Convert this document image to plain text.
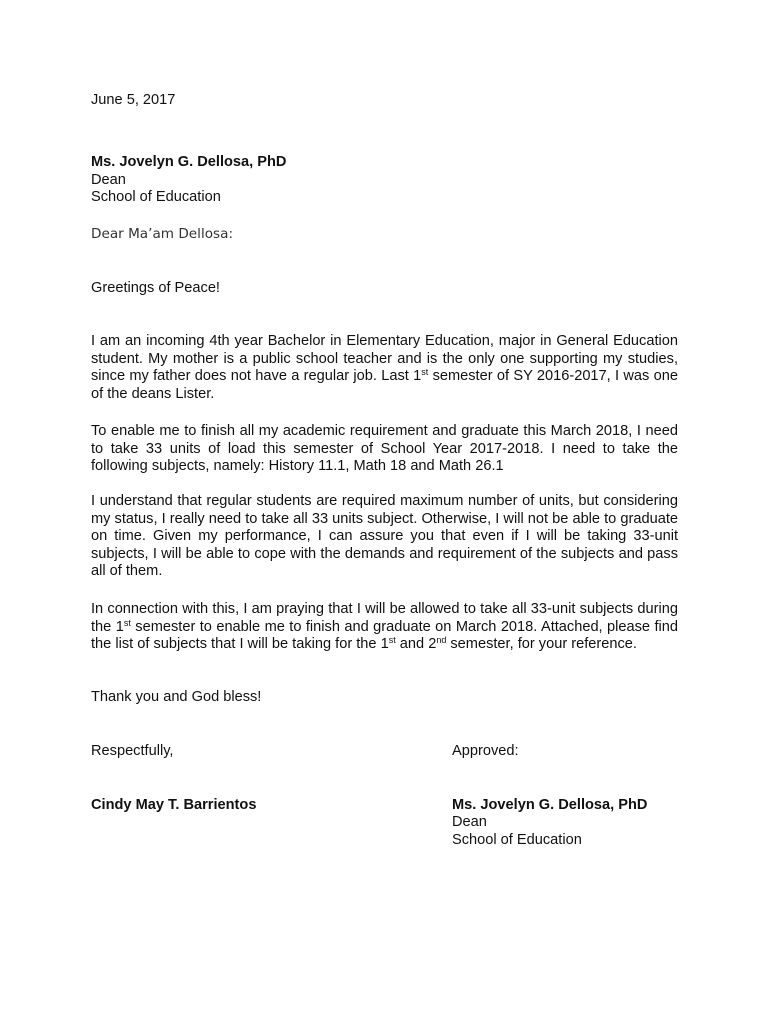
June 5, 2017

Ms. Jovelyn G. Dellosa, PhD
Dean
School of Education

Dear Ma’am Dellosa:

Greetings of Peace!

I am an incoming 4th year Bachelor in Elementary Education, major in General Education student. My mother is a public school teacher and is the only one supporting my studies, since my father does not have a regular job. Last 1st semester of SY 2016-2017, I was one of the deans Lister.

To enable me to finish all my academic requirement and graduate this March 2018, I need to take 33 units of load this semester of School Year 2017-2018. I need to take the following subjects, namely: History 11.1, Math 18 and Math 26.1

I understand that regular students are required maximum number of units, but considering my status, I really need to take all 33 units subject. Otherwise, I will not be able to graduate on time. Given my performance, I can assure you that even if I will be taking 33-unit subjects, I will be able to cope with the demands and requirement of the subjects and pass all of them.

In connection with this, I am praying that I will be allowed to take all 33-unit subjects during the 1st semester to enable me to finish and graduate on March 2018. Attached, please find the list of subjects that I will be taking for the 1st and 2nd semester, for your reference.

Thank you and God bless!

Respectfully,
Cindy May T. Barrientos
Approved:
Ms. Jovelyn G. Dellosa, PhD
Dean
School of Education
